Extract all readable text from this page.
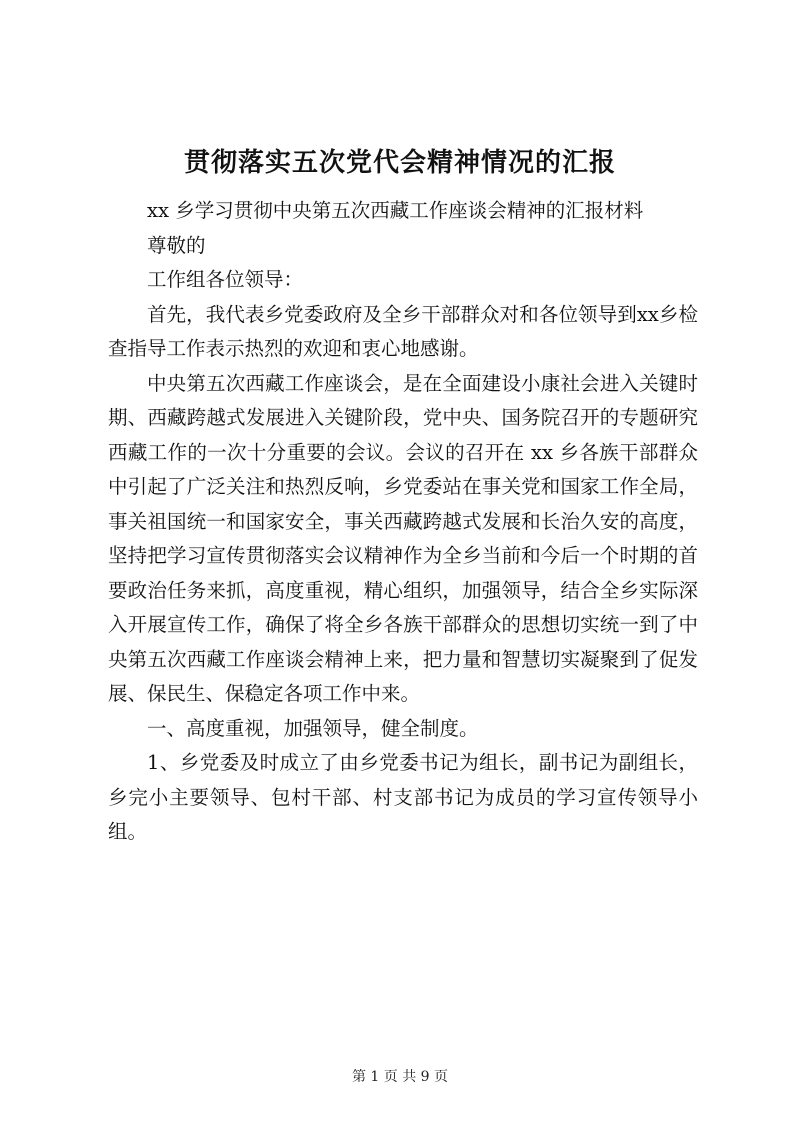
贯彻落实五次党代会精神情况的汇报

xx 乡学习贯彻中央第五次西藏工作座谈会精神的汇报材料

尊敬的

工作组各位领导：

首先，我代表乡党委政府及全乡干部群众对和各位领导到xx乡检查指导工作表示热烈的欢迎和衷心地感谢。

中央第五次西藏工作座谈会，是在全面建设小康社会进入关键时期、西藏跨越式发展进入关键阶段，党中央、国务院召开的专题研究西藏工作的一次十分重要的会议。会议的召开在 xx 乡各族干部群众中引起了广泛关注和热烈反响，乡党委站在事关党和国家工作全局，事关祖国统一和国家安全，事关西藏跨越式发展和长治久安的高度，坚持把学习宣传贯彻落实会议精神作为全乡当前和今后一个时期的首要政治任务来抓，高度重视，精心组织，加强领导，结合全乡实际深入开展宣传工作，确保了将全乡各族干部群众的思想切实统一到了中央第五次西藏工作座谈会精神上来，把力量和智慧切实凝聚到了促发展、保民生、保稳定各项工作中来。

一、高度重视，加强领导，健全制度。

1、乡党委及时成立了由乡党委书记为组长，副书记为副组长，乡完小主要领导、包村干部、村支部书记为成员的学习宣传领导小组。

第 1 页 共 9 页
